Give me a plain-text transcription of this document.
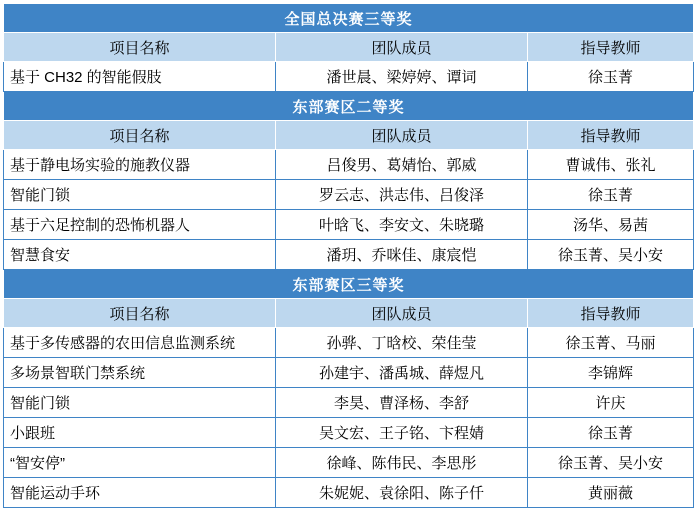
全国总决赛三等奖		
项目名称	团队成员	指导教师
基于 CH32 的智能假肢	潘世晨、梁婷婷、谭词	徐玉菁
东部赛区二等奖		
项目名称	团队成员	指导教师
基于静电场实验的施教仪器	吕俊男、葛婧怡、郭威	曹诚伟、张礼
智能门锁	罗云志、洪志伟、吕俊泽	徐玉菁
基于六足控制的恐怖机器人	叶晗飞、李安文、朱晓璐	汤华、易茜
智慧食安	潘玥、乔咪佳、康宸恺	徐玉菁、吴小安
东部赛区三等奖		
项目名称	团队成员	指导教师
基于多传感器的农田信息监测系统	孙骅、丁晗校、荣佳莹	徐玉菁、马丽
多场景智联门禁系统	孙建宇、潘禹城、薛煜凡	李锦辉
智能门锁	李昊、曹泽杨、李舒	许庆
小跟班	吴文宏、王子铭、卞程婧	徐玉菁
“智安停”	徐峰、陈伟民、李思彤	徐玉菁、吴小安
智能运动手环	朱妮妮、袁徐阳、陈子仟	黄丽薇
